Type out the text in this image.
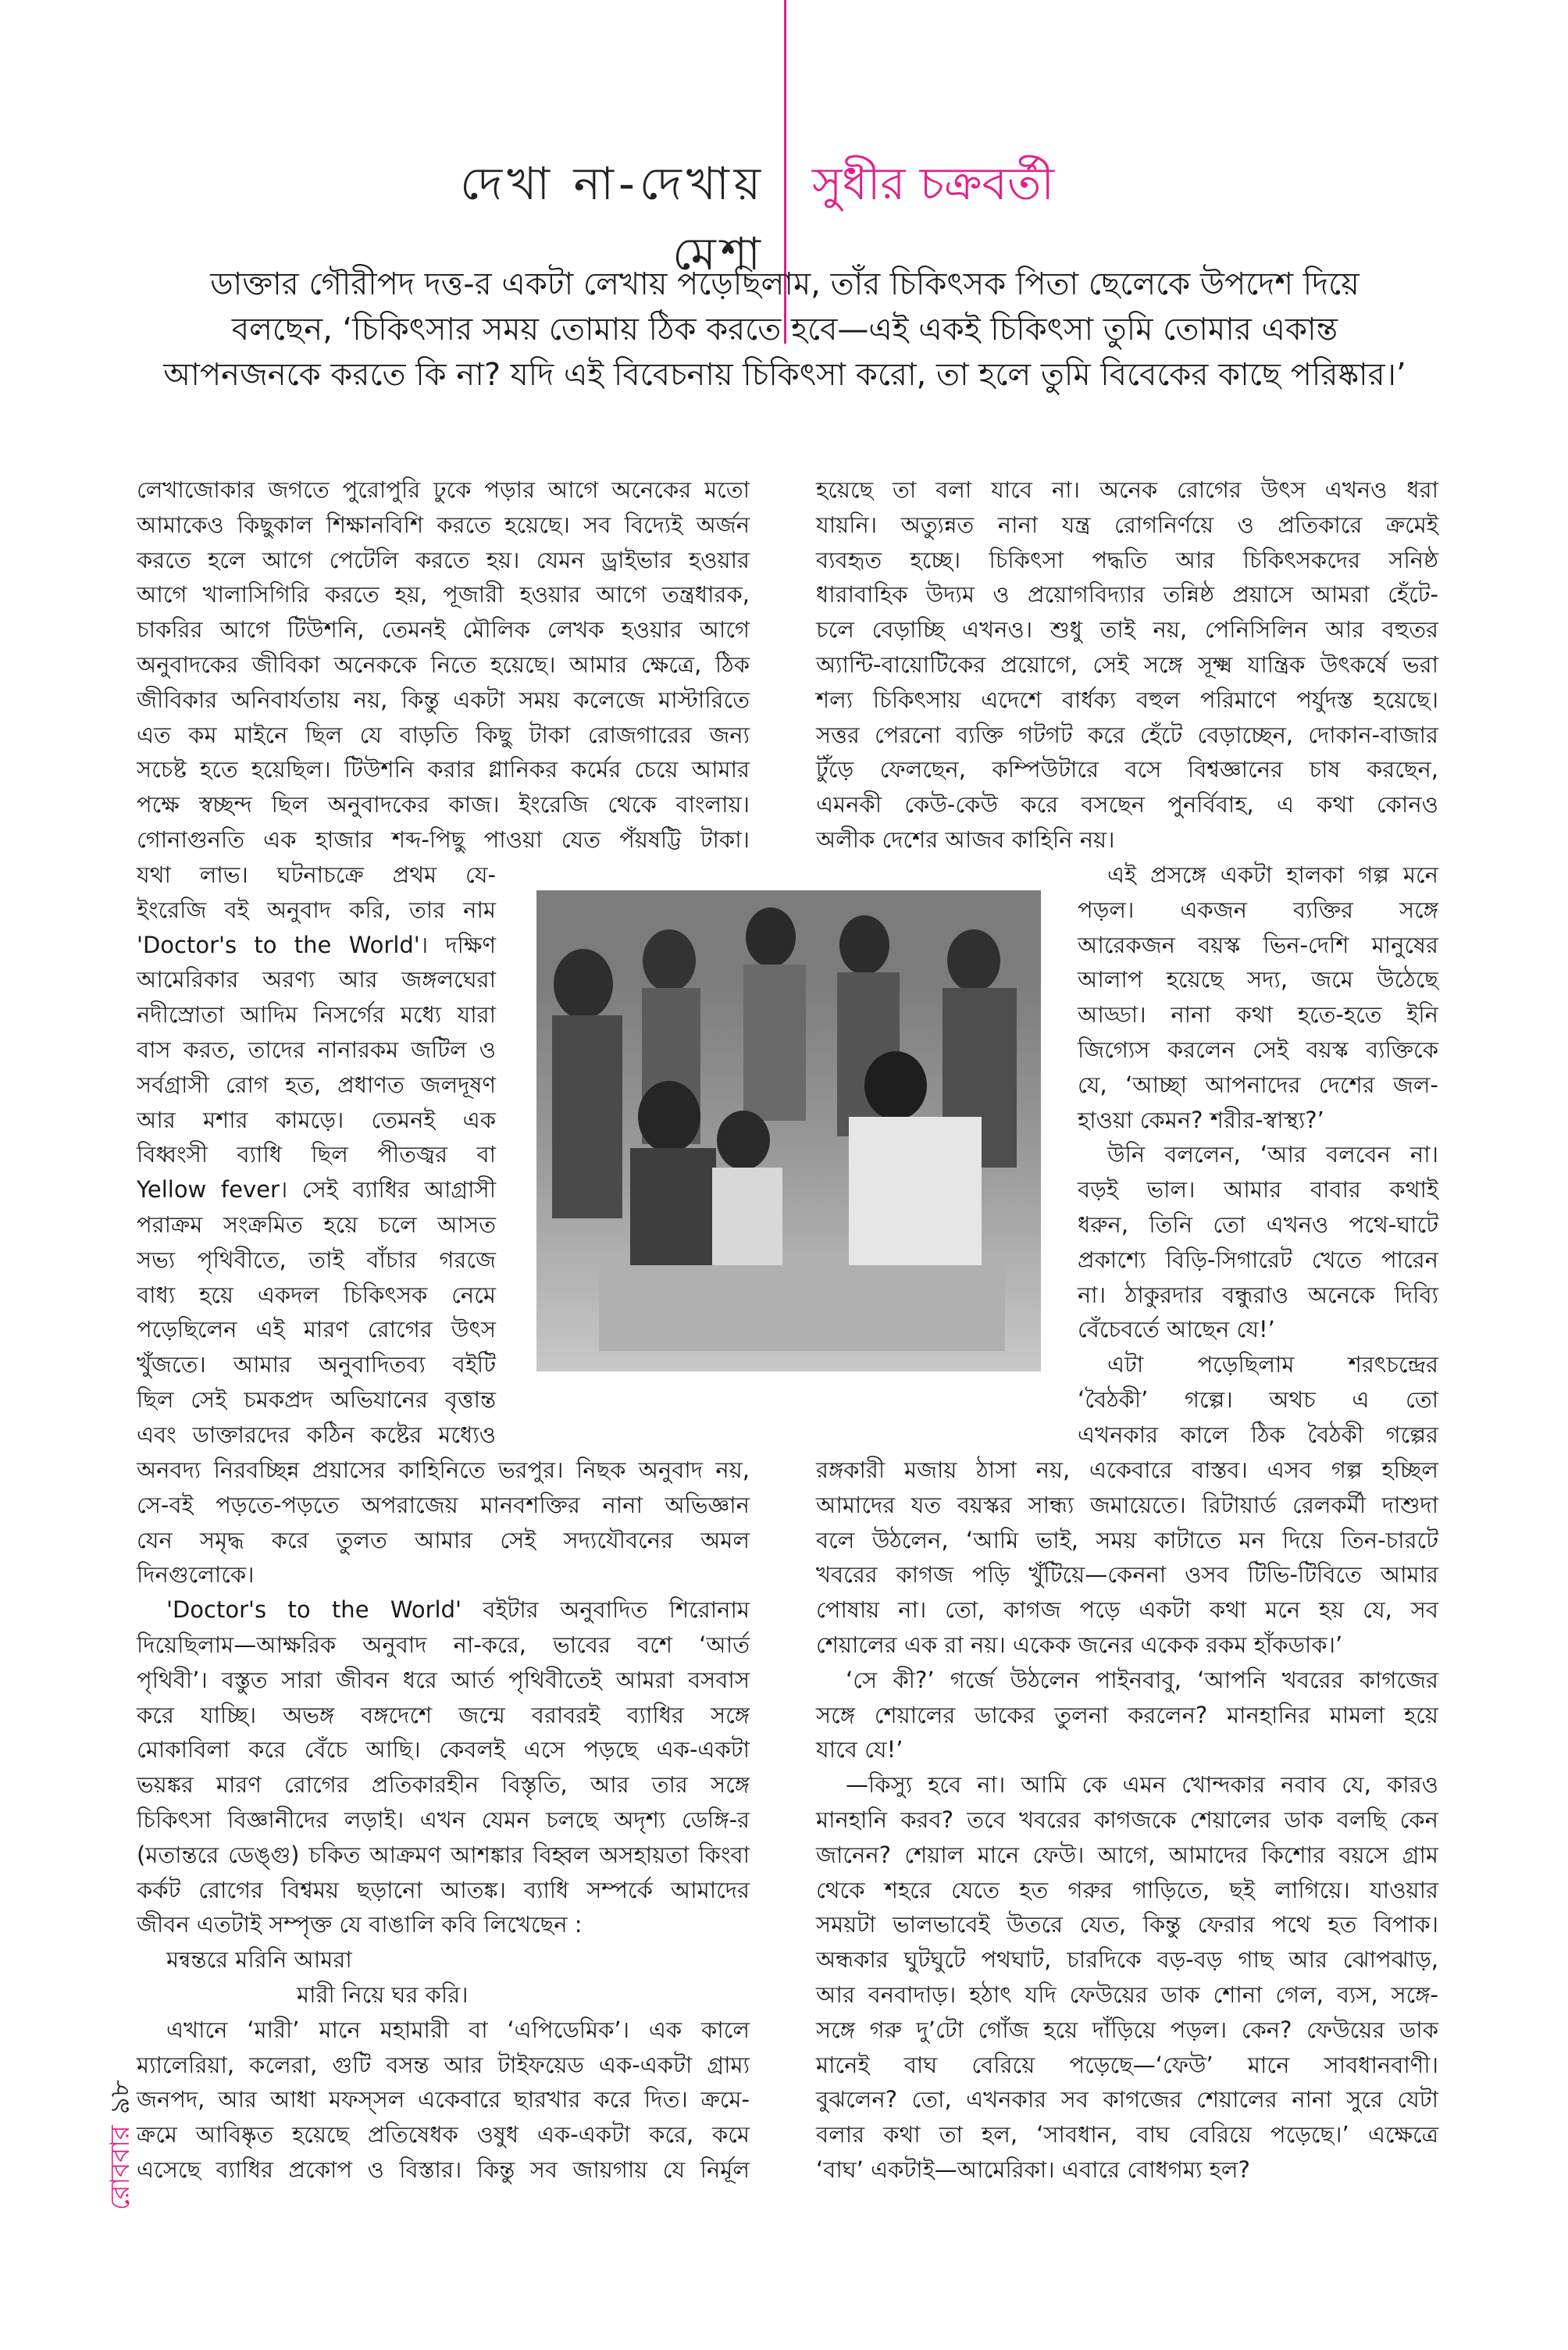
দেখা না-দেখায় মেশা
সুধীর চক্রবর্তী
ডাক্তার গৌরীপদ দত্ত-র একটা লেখায় পড়েছিলাম, তাঁর চিকিৎসক পিতা ছেলেকে উপদেশ দিয়ে
বলছেন, ‘চিকিৎসার সময় তোমায় ঠিক করতে হবে—এই একই চিকিৎসা তুমি তোমার একান্ত
আপনজনকে করতে কি না? যদি এই বিবেচনায় চিকিৎসা করো, তা হলে তুমি বিবেকের কাছে পরিষ্কার।’
লেখাজোকার জগতে পুরোপুরি ঢুকে পড়ার আগে অনেকের মতো
আমাকেও কিছুকাল শিক্ষানবিশি করতে হয়েছে। সব বিদ্যেই অর্জন
করতে হলে আগে পেটেলি করতে হয়। যেমন ড্রাইভার হওয়ার
আগে খালাসিগিরি করতে হয়, পূজারী হওয়ার আগে তন্ত্রধারক,
চাকরির আগে টিউশনি, তেমনই মৌলিক লেখক হওয়ার আগে
অনুবাদকের জীবিকা অনেককে নিতে হয়েছে। আমার ক্ষেত্রে, ঠিক
জীবিকার অনিবার্যতায় নয়, কিন্তু একটা সময় কলেজে মাস্টারিতে
এত কম মাইনে ছিল যে বাড়তি কিছু টাকা রোজগারের জন্য
সচেষ্ট হতে হয়েছিল। টিউশনি করার গ্লানিকর কর্মের চেয়ে আমার
পক্ষে স্বচ্ছন্দ ছিল অনুবাদকের কাজ। ইংরেজি থেকে বাংলায়।
গোনাগুনতি এক হাজার শব্দ-পিছু পাওয়া যেত পঁয়ষট্টি টাকা।
যথা লাভ। ঘটনাচক্রে প্রথম যে-
ইংরেজি বই অনুবাদ করি, তার নাম
'Doctor's to the World'। দক্ষিণ
আমেরিকার অরণ্য আর জঙ্গলঘেরা
নদীস্রোতা আদিম নিসর্গের মধ্যে যারা
বাস করত, তাদের নানারকম জটিল ও
সর্বগ্রাসী রোগ হত, প্রধাণত জলদূষণ
আর মশার কামড়ে। তেমনই এক
বিধ্বংসী ব্যাধি ছিল পীতজ্বর বা
Yellow fever। সেই ব্যাধির আগ্রাসী
পরাক্রম সংক্রমিত হয়ে চলে আসত
সভ্য পৃথিবীতে, তাই বাঁচার গরজে
বাধ্য হয়ে একদল চিকিৎসক নেমে
পড়েছিলেন এই মারণ রোগের উৎস
খুঁজতে। আমার অনুবাদিতব্য বইটি
ছিল সেই চমকপ্রদ অভিযানের বৃত্তান্ত
এবং ডাক্তারদের কঠিন কষ্টের মধ্যেও
অনবদ্য নিরবচ্ছিন্ন প্রয়াসের কাহিনিতে ভরপুর। নিছক অনুবাদ নয়,
সে-বই পড়তে-পড়তে অপরাজেয় মানবশক্তির নানা অভিজ্ঞান
যেন সমৃদ্ধ করে তুলত আমার সেই সদ্যযৌবনের অমল
দিনগুলোকে।
'Doctor's to the World' বইটার অনুবাদিত শিরোনাম
দিয়েছিলাম—আক্ষরিক অনুবাদ না-করে, ভাবের বশে ‘আর্ত
পৃথিবী’। বস্তুত সারা জীবন ধরে আর্ত পৃথিবীতেই আমরা বসবাস
করে যাচ্ছি। অভঙ্গ বঙ্গদেশে জন্মে বরাবরই ব্যাধির সঙ্গে
মোকাবিলা করে বেঁচে আছি। কেবলই এসে পড়ছে এক-একটা
ভয়ঙ্কর মারণ রোগের প্রতিকারহীন বিস্তৃতি, আর তার সঙ্গে
চিকিৎসা বিজ্ঞানীদের লড়াই। এখন যেমন চলছে অদৃশ্য ডেঙ্গি-র
(মতান্তরে ডেঙ্গু) চকিত আক্রমণ আশঙ্কার বিহ্বল অসহায়তা কিংবা
কর্কট রোগের বিশ্বময় ছড়ানো আতঙ্ক। ব্যাধি সম্পর্কে আমাদের
জীবন এতটাই সম্পৃক্ত যে বাঙালি কবি লিখেছেন :
মন্বন্তরে মরিনি আমরা
মারী নিয়ে ঘর করি।
এখানে ‘মারী’ মানে মহামারী বা ‘এপিডেমিক’। এক কালে
ম্যালেরিয়া, কলেরা, গুটি বসন্ত আর টাইফয়েড এক-একটা গ্রাম্য
জনপদ, আর আধা মফস্সল একেবারে ছারখার করে দিত। ক্রমে-
ক্রমে আবিষ্কৃত হয়েছে প্রতিষেধক ওষুধ এক-একটা করে, কমে
এসেছে ব্যাধির প্রকোপ ও বিস্তার। কিন্তু সব জায়গায় যে নির্মূল
হয়েছে তা বলা যাবে না। অনেক রোগের উৎস এখনও ধরা
যায়নি। অত্যুন্নত নানা যন্ত্র রোগনির্ণয়ে ও প্রতিকারে ক্রমেই
ব্যবহৃত হচ্ছে। চিকিৎসা পদ্ধতি আর চিকিৎসকদের সনিষ্ঠ
ধারাবাহিক উদ্যম ও প্রয়োগবিদ্যার তন্নিষ্ঠ প্রয়াসে আমরা হেঁটে-
চলে বেড়াচ্ছি এখনও। শুধু তাই নয়, পেনিসিলিন আর বহুতর
অ্যান্টি-বায়োটিকের প্রয়োগে, সেই সঙ্গে সূক্ষ্ম যান্ত্রিক উৎকর্ষে ভরা
শল্য চিকিৎসায় এদেশে বার্ধক্য বহুল পরিমাণে পর্যুদস্ত হয়েছে।
সত্তর পেরনো ব্যক্তি গটগট করে হেঁটে বেড়াচ্ছেন, দোকান-বাজার
টুঁড়ে ফেলছেন, কম্পিউটারে বসে বিশ্বজ্ঞানের চাষ করছেন,
এমনকী কেউ-কেউ করে বসছেন পুনর্বিবাহ, এ কথা কোনও
অলীক দেশের আজব কাহিনি নয়।
এই প্রসঙ্গে একটা হালকা গল্প মনে
পড়ল। একজন ব্যক্তির সঙ্গে
আরেকজন বয়স্ক ভিন-দেশি মানুষের
আলাপ হয়েছে সদ্য, জমে উঠেছে
আড্ডা। নানা কথা হতে-হতে ইনি
জিগ্যেস করলেন সেই বয়স্ক ব্যক্তিকে
যে, ‘আচ্ছা আপনাদের দেশের জল-
হাওয়া কেমন? শরীর-স্বাস্থ্য?’
উনি বললেন, ‘আর বলবেন না।
বড়ই ভাল। আমার বাবার কথাই
ধরুন, তিনি তো এখনও পথে-ঘাটে
প্রকাশ্যে বিড়ি-সিগারেট খেতে পারেন
না। ঠাকুরদার বন্ধুরাও অনেকে দিব্যি
বেঁচেবর্তে আছেন যে!’
এটা পড়েছিলাম শরৎচন্দ্রের
‘বৈঠকী’ গল্পে। অথচ এ তো
এখনকার কালে ঠিক বৈঠকী গল্পের
রঙ্গকারী মজায় ঠাসা নয়, একেবারে বাস্তব। এসব গল্প হচ্ছিল
আমাদের যত বয়স্কর সান্ধ্য জমায়েতে। রিটায়ার্ড রেলকর্মী দাশুদা
বলে উঠলেন, ‘আমি ভাই, সময় কাটাতে মন দিয়ে তিন-চারটে
খবরের কাগজ পড়ি খুঁটিয়ে—কেননা ওসব টিভি-টিবিতে আমার
পোষায় না। তো, কাগজ পড়ে একটা কথা মনে হয় যে, সব
শেয়ালের এক রা নয়। একেক জনের একেক রকম হাঁকডাক।’
‘সে কী?’ গর্জে উঠলেন পাইনবাবু, ‘আপনি খবরের কাগজের
সঙ্গে শেয়ালের ডাকের তুলনা করলেন? মানহানির মামলা হয়ে
যাবে যে!’
—কিস্যু হবে না। আমি কে এমন খোন্দকার নবাব যে, কারও
মানহানি করব? তবে খবরের কাগজকে শেয়ালের ডাক বলছি কেন
জানেন? শেয়াল মানে ফেউ। আগে, আমাদের কিশোর বয়সে গ্রাম
থেকে শহরে যেতে হত গরুর গাড়িতে, ছই লাগিয়ে। যাওয়ার
সময়টা ভালভাবেই উতরে যেত, কিন্তু ফেরার পথে হত বিপাক।
অন্ধকার ঘুটঘুটে পথঘাট, চারদিকে বড়-বড় গাছ আর ঝোপঝাড়,
আর বনবাদাড়। হঠাৎ যদি ফেউয়ের ডাক শোনা গেল, ব্যস, সঙ্গে-
সঙ্গে গরু দু’টো গোঁজ হয়ে দাঁড়িয়ে পড়ল। কেন? ফেউয়ের ডাক
মানেই বাঘ বেরিয়ে পড়েছে—‘ফেউ’ মানে সাবধানবাণী।
বুঝলেন? তো, এখনকার সব কাগজের শেয়ালের নানা সুরে যেটা
বলার কথা তা হল, ‘সাবধান, বাঘ বেরিয়ে পড়েছে।’ এক্ষেত্রে
‘বাঘ’ একটাই—আমেরিকা। এবারে বোধগম্য হল?
রোববার৯৮
